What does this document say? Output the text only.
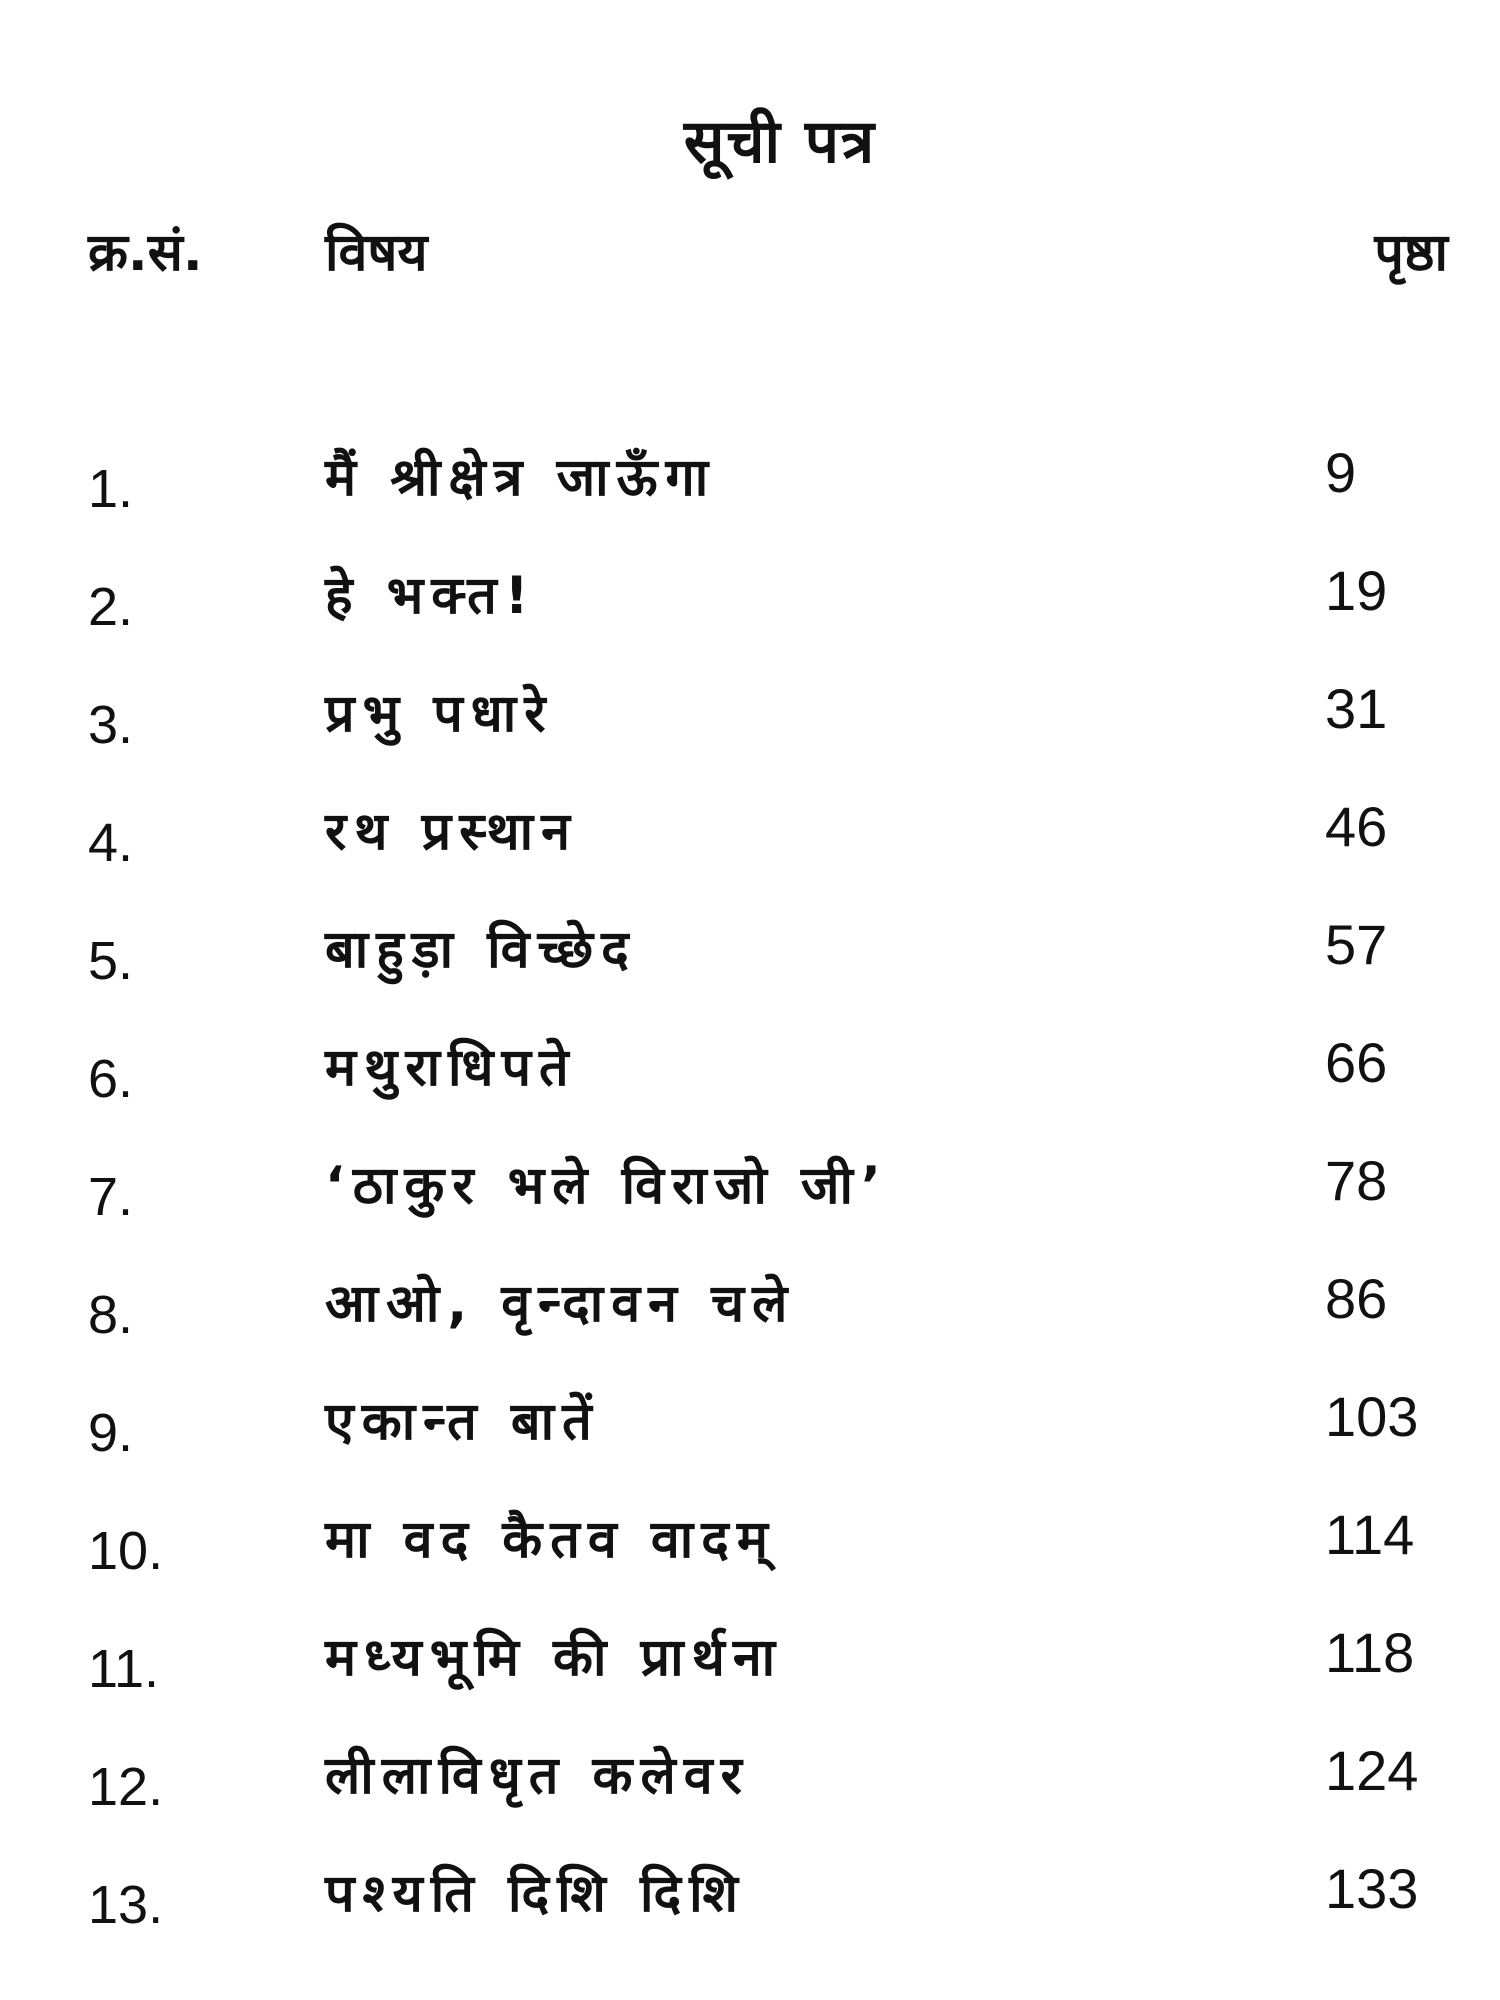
सूची पत्र
क्र.सं. विषय	पृष्ठा
1.	मैं श्रीक्षेत्र जाऊँगा	9
2.	हे भक्त!	19
3.	प्रभु पधारे	31
4.	रथ प्रस्थान	46
5.	बाहुड़ा विच्छेद	57
6.	मथुराधिपते	66
7.	‘ठाकुर भले विराजो जी’	78
8.	आओ, वृन्दावन चले	86
9.	एकान्त बातें	103
10.	मा वद कैतव वादम्	114
11.	मध्यभूमि की प्रार्थना	118
12.	लीलाविधृत कलेवर	124
13.	पश्यति दिशि दिशि	133
